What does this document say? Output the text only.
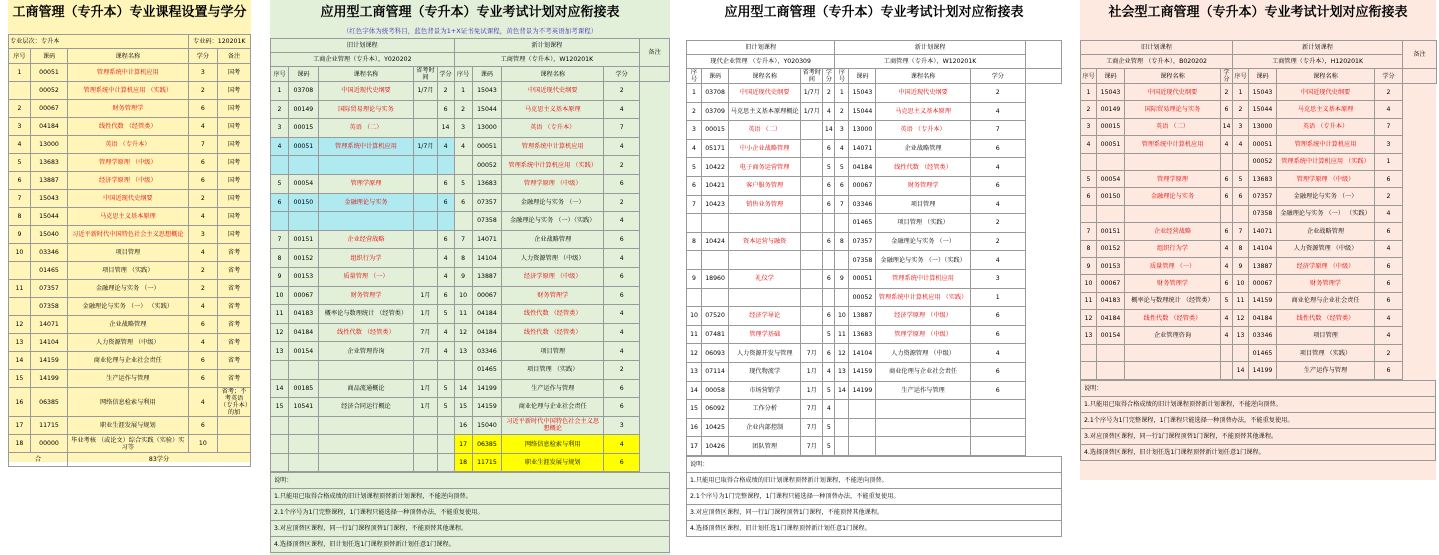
工商管理（专升本）专业课程设置与学分
专业层次：专升本			专业码：120201K	
序号	课码	课程名称	学分	备注
1	00051	管理系统中计算机应用	3	国考
	00052	管理系统中计算机应用 （实践）	2	国考
2	00067	财务管理学	6	国考
3	04184	线性代数 （经管类）	4	国考
4	13000	英语 （专升本）	7	国考
5	13683	管理学原理 （中级）	6	国考
6	13887	经济学原理 （中级）	6	国考
7	15043	中国近现代史纲要	2	国考
8	15044	马克思主义基本原理	4	国考
9	15040	习近平新时代中国特色社会主义思想概论	3	国考
10	03346	项目管理	4	省考
	01465	项目管理 （实践）	2	省考
11	07357	金融理论与实务 （一）	2	省考
	07358	金融理论与实务 （一） （实践）	4	省考
12	14071	企业战略管理	6	省考
13	14104	人力资源管理 （中级）	4	省考
14	14159	商业伦理与企业社会责任	6	省考
15	14199	生产运作与管理	6	省考
16	06385	网络信息检索与利用	4	省考；不考英语（专升本）的加
17	11715	职业生涯发展与规划	6	
18	00000	毕业考核 （或论文）综合实践（实验）实习等	10	
合		83学分		
应用型工商管理（专升本）专业考试计划对应衔接表
（红色字体为统考科目，蓝色背景为1+X证书免试课程，黄色背景为不考英语加考课程）
旧计划课程					新计划课程				备注
工商企业管理（专升本），Y020202					工商管理（专升本），W120201K				
序号	课码	课程名称	省考时间	学分	序号	课码	课程名称	学分	
1	03708	中国近现代史纲要	1/7月	2	1	15043	中国近现代史纲要	2	
2	00149	国际贸易理论与实务		6	2	15044	马克思主义基本原理	4	
3	00015	英语 （二）		14	3	13000	英语 （专升本）	7	
4	00051	管理系统中计算机应用	1/7月	4	4	00051	管理系统中计算机应用	4	
						00052	管理系统中计算机应用 （实践）	2	
5	00054	管理学原理		6	5	13683	管理学原理 （中级）	6	
6	00150	金融理论与实务		6	6	07357	金融理论与实务 （一）	2	
						07358	金融理论与实务 （一）（实践）	4	
7	00151	企业经营战略		6	7	14071	企业战略管理	6	
8	00152	组织行为学		4	8	14104	人力资源管理 （中级）	4	
9	00153	质量管理 （一）		4	9	13887	经济学原理 （中级）	6	
10	00067	财务管理学	1月	6	10	00067	财务管理学	6	
11	04183	概率论与数理统计 （经管类）	1月	5	11	04184	线性代数 （经管类）	4	
12	04184	线性代数 （经管类）	7月	4	12	04184	线性代数 （经管类）	4	
13	00154	企业管理咨询	7月	4	13	03346	项目管理	4	
						01465	项目管理 （实践）	2	
14	00185	商品流通概论	1月	5	14	14199	生产运作与管理	6	
15	10541	经济合同运行概论	1月	5	15	14159	商业伦理与企业社会责任	6	
					16	15040	习近平新时代中国特色社会主义思想概论	3	
					17	06385	网络信息检索与利用	4	
					18	11715	职业生涯发展与规划	6	
说明：
1.只能用已取得合格成绩的旧计划课程顶替新计划课程，不能逆向顶替。
2.1个序号为1门完整课程，1门课程只能选择一种顶替办法，不能重复使用。
3.对应顶替区课程，同一行1门课程顶替1门课程，不能顶替其他课程。
4.选择顶替区课程，旧计划任选1门课程顶替新计划任意1门课程。
应用型工商管理（专升本）专业考试计划对应衔接表
旧计划课程					新计划课程				
现代企业管理 （专升本），Y020309					工商管理（专升本），W120201K				
序号	课码	课程名称	省考时间	学分	序号	课码	课程名称	学分	
1	03708	中国近现代史纲要	1/7月	2	1	15043	中国近现代史纲要	2	
2	03709	马克思主义基本原理概论	1/7月	4	2	15044	马克思主义基本原理	4	
3	00015	英语 （二）		14	3	13000	英语 （专升本）	7	
4	05171	中小企业战略管理		6	4	14071	企业战略管理	6	
5	10422	电子商务运营管理		5	5	04184	线性代数 （经管类）	4	
6	10421	客户服务管理		6	6	00067	财务管理学	6	
7	10423	销售业务管理		6	7	03346	项目管理	4	
						01465	项目管理 （实践）	2	
8	10424	资本运营与融资		6	8	07357	金融理论与实务 （一）	2	
						07358	金融理论与实务 （一）（实践）	4	
9	18960	礼仪学		6	9	00051	管理系统中计算机应用	3	
						00052	管理系统中计算机应用 （实践）	1	
10	07520	经济学导论		6	10	13887	经济学原理 （中级）	6	
11	07481	管理学基础		5	11	13683	管理学原理 （中级）	6	
12	06093	人力资源开发与管理	7月	6	12	14104	人力资源管理 （中级）	4	
13	07114	现代物流学	1月	4	13	14159	商业伦理与企业社会责任	6	
14	00058	市场营销学	1月	5	14	14199	生产运作与管理	6	
15	06092	工作分析	7月	4					
16	10425	企业内部控制	7月	5					
17	10426	团队管理	7月	5					
说明：
1.只能用已取得合格成绩的旧计划课程顶替新计划课程，不能逆向顶替。
2.1个序号为1门完整课程，1门课程只能选择一种顶替办法，不能重复使用。
3.对应顶替区课程，同一行1门课程顶替1门课程，不能顶替其他课程。
4.选择顶替区课程，旧计划任选1门课程顶替新计划任意1门课程。
社会型工商管理（专升本）专业考试计划对应衔接表
旧计划课程				新计划课程				备注
工商企业管理 （专升本），B020202				工商管理（专升本），H120201K				
序号	课码	课程名称	学分	序号	课码	课程名称	学分	
1	15043	中国近现代史纲要	2	1	15043	中国近现代史纲要	2	
2	00149	国际贸易理论与实务	6	2	15044	马克思主义基本原理	4	
3	00015	英语 （二）	14	3	13000	英语 （专升本）	7	
4	00051	管理系统中计算机应用	4	4	00051	管理系统中计算机应用	3	
					00052	管理系统中计算机应用 （实践）	1	
5	00054	管理学原理	6	5	13683	管理学原理 （中级）	6	
6	00150	金融理论与实务	6	6	07357	金融理论与实务 （一）	2	
					07358	金融理论与实务 （一） （实践）	4	
7	00151	企业经营战略	6	7	14071	企业战略管理	6	
8	00152	组织行为学	4	8	14104	人力资源管理 （中级）	4	
9	00153	质量管理 （一）	4	9	13887	经济学原理 （中级）	6	
10	00067	财务管理学	6	10	00067	财务管理学	6	
11	04183	概率论与数理统计 （经管类）	5	11	14159	商业伦理与企业社会责任	6	
12	04184	线性代数 （经管类）	4	12	04184	线性代数 （经管类）	4	
13	00154	企业管理咨询	4	13	03346	项目管理	4	
					01465	项目管理 （实践）	2	
				14	14199	生产运作与管理	6	
说明：
1.只能用已取得合格成绩的旧计划课程顶替新计划课程，不能逆向顶替。
2.1个序号为1门完整课程，1门课程只能选择一种顶替办法，不能重复使用。
3.对应顶替区课程，同一行1门课程顶替1门课程，不能顶替其他课程。
4.选择顶替区课程，旧计划任选1门课程顶替新计划任意1门课程。
